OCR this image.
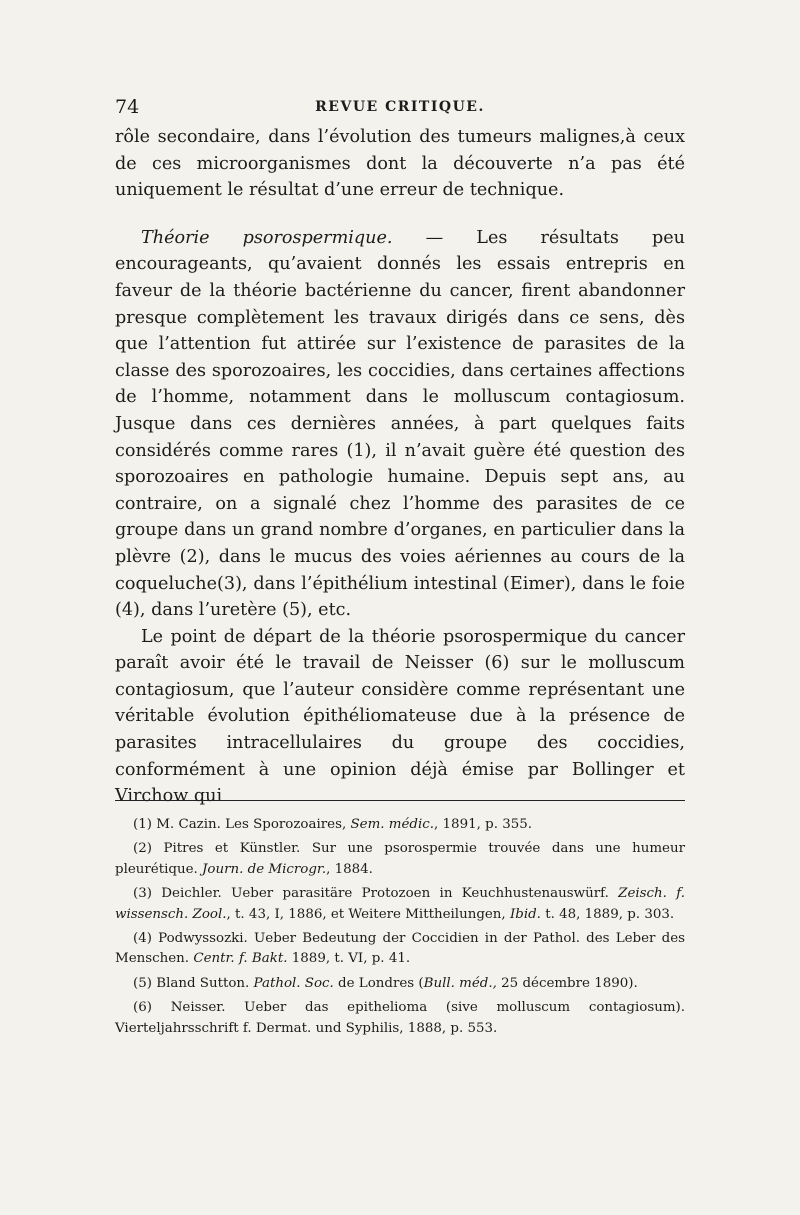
74	REVUE CRITIQUE.

rôle secondaire, dans l’évolution des tumeurs malignes,à ceux de ces microorganismes dont la découverte n’a pas été uniquement le résultat d’une erreur de technique.

Théorie psorospermique. — Les résultats peu encourageants, qu’avaient donnés les essais entrepris en faveur de la théorie bactérienne du cancer, firent abandonner presque complètement les travaux dirigés dans ce sens, dès que l’attention fut attirée sur l’existence de parasites de la classe des sporozoaires, les coccidies, dans certaines affections de l’homme, notamment dans le molluscum contagiosum. Jusque dans ces dernières années, à part quelques faits considérés comme rares (1), il n’avait guère été question des sporozoaires en pathologie humaine. Depuis sept ans, au contraire, on a signalé chez l’homme des parasites de ce groupe dans un grand nombre d’organes, en particulier dans la plèvre (2), dans le mucus des voies aériennes au cours de la coqueluche(3), dans l’épithélium intestinal (Eimer), dans le foie (4), dans l’uretère (5), etc.

Le point de départ de la théorie psorospermique du cancer paraît avoir été le travail de Neisser (6) sur le molluscum contagiosum, que l’auteur considère comme représentant une véritable évolution épithéliomateuse due à la présence de parasites intracellulaires du groupe des coccidies, conformément à une opinion déjà émise par Bollinger et Virchow qui

(1) M. Cazin. Les Sporozoaires, Sem. médic., 1891, p. 355.

(2) Pitres et Künstler. Sur une psorospermie trouvée dans une humeur pleurétique. Journ. de Microgr., 1884.

(3) Deichler. Ueber parasitäre Protozoen in Keuchhustenauswürf. Zeisch. f. wissensch. Zool., t. 43, I, 1886, et Weitere Mittheilungen, Ibid. t. 48, 1889, p. 303.

(4) Podwyssozki. Ueber Bedeutung der Coccidien in der Pathol. des Leber des Menschen. Centr. f. Bakt. 1889, t. VI, p. 41.

(5) Bland Sutton. Pathol. Soc. de Londres (Bull. méd., 25 décembre 1890).

(6) Neisser. Ueber das epithelioma (sive molluscum contagiosum). Vierteljahrsschrift f. Dermat. und Syphilis, 1888, p. 553.
